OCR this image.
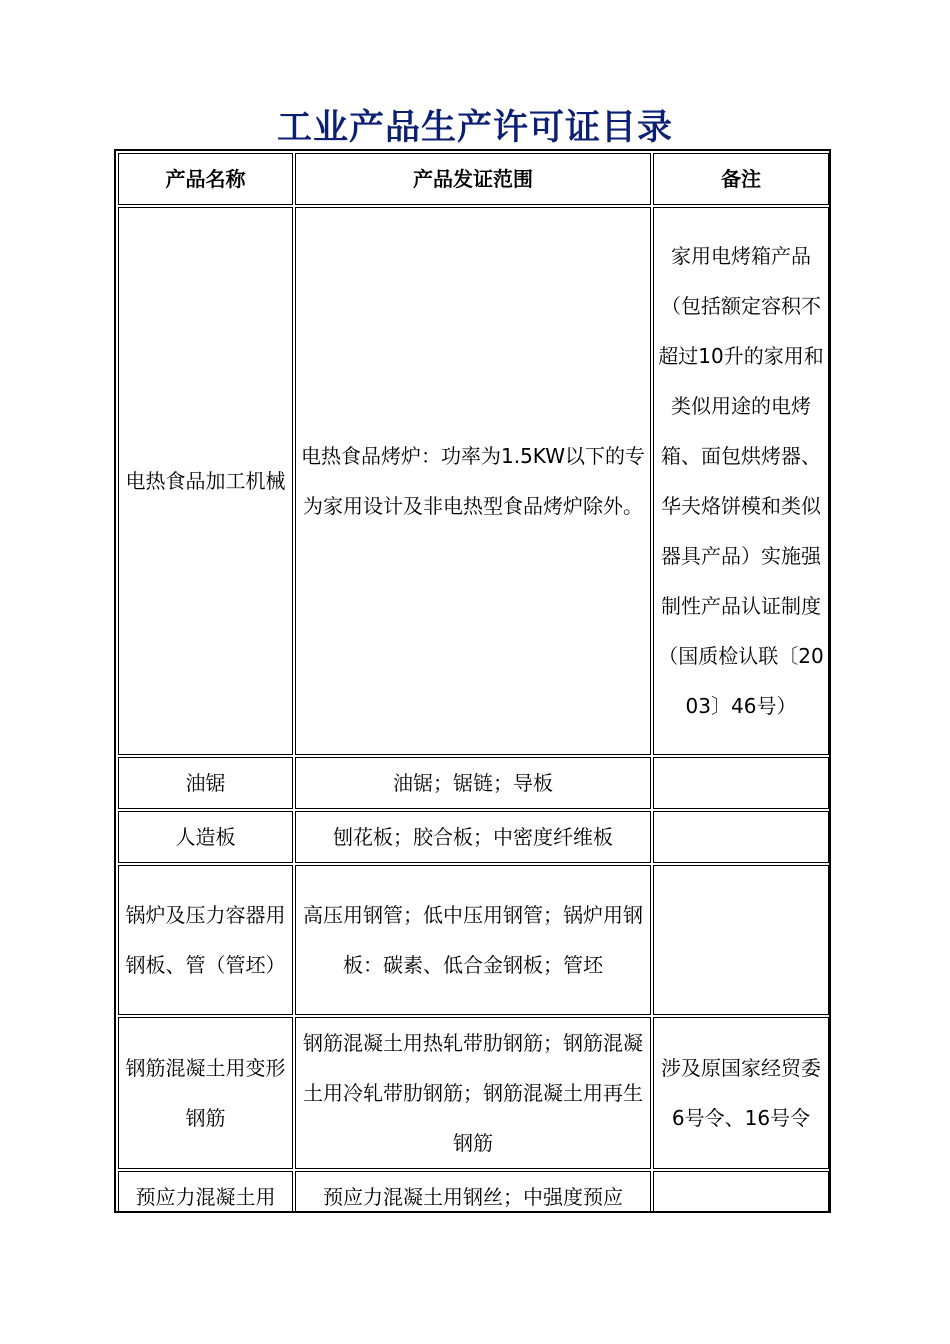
工业产品生产许可证目录
产品名称	产品发证范围	备注

电热食品加工机械	电热食品烤炉：功率为1.5KW以下的专为家用设计及非电热型食品烤炉除外。	家用电烤箱产品（包括额定容积不超过10升的家用和类似用途的电烤箱、面包烘烤器、华夫烙饼模和类似器具产品）实施强制性产品认证制度（国质检认联〔2003〕46号）

油锯	油锯；锯链；导板	

人造板	刨花板；胶合板；中密度纤维板	

锅炉及压力容器用 钢板、管（管坯）	高压用钢管；低中压用钢管；锅炉用钢板：碳素、低合金钢板；管坯	

钢筋混凝土用变形钢筋	钢筋混凝土用热轧带肋钢筋；钢筋混凝土用冷轧带肋钢筋；钢筋混凝土用再生钢筋	涉及原国家经贸委6号令、16号令

预应力混凝土用	预应力混凝土用钢丝；中强度预应	
